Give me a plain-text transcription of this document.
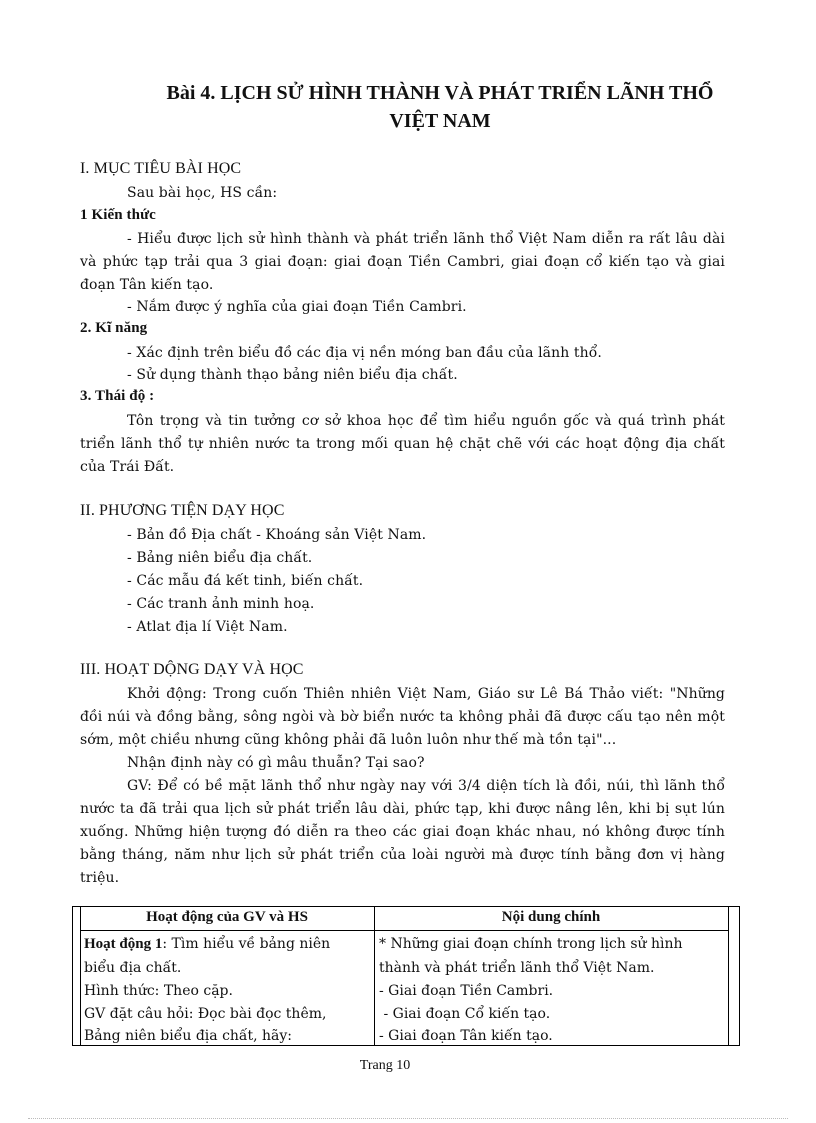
Bài 4. LỊCH SỬ HÌNH THÀNH VÀ PHÁT TRIỂN LÃNH THỔ
VIỆT NAM
I. MỤC TIÊU BÀI HỌC
Sau bài học, HS cần:
1 Kiến thức
- Hiểu được lịch sử hình thành và phát triển lãnh thổ Việt Nam diễn ra rất lâu dài
và phức tạp trải qua 3 giai đoạn: giai đoạn Tiền Cambri, giai đoạn cổ kiến tạo và giai
đoạn Tân kiến tạo.
- Nắm được ý nghĩa của giai đoạn Tiền Cambri.
2. Kĩ năng
- Xác định trên biểu đồ các địa vị nền móng ban đầu của lãnh thổ.
- Sử dụng thành thạo bảng niên biểu địa chất.
3. Thái độ :
Tôn trọng và tin tưởng cơ sở khoa học để tìm hiểu nguồn gốc và quá trình phát
triển lãnh thổ tự nhiên nước ta trong mối quan hệ chặt chẽ với các hoạt động địa chất
của Trái Đất.
II. PHƯƠNG TIỆN DẠY HỌC
- Bản đồ Địa chất - Khoáng sản Việt Nam.
- Bảng niên biểu địa chất.
- Các mẫu đá kết tinh, biến chất.
- Các tranh ảnh minh hoạ.
- Atlat địa lí Việt Nam.
III. HOẠT DỘNG DẠY VÀ HỌC
Khởi động: Trong cuốn Thiên nhiên Việt Nam, Giáo sư Lê Bá Thảo viết: "Những
đồi núi và đồng bằng, sông ngòi và bờ biển nước ta không phải đã được cấu tạo nên một
sớm, một chiều nhưng cũng không phải đã luôn luôn như thế mà tồn tại"...
Nhận định này có gì mâu thuẫn? Tại sao?
GV: Để có bề mặt lãnh thổ như ngày nay với 3/4 diện tích là đồi, núi, thì lãnh thổ
nước ta đã trải qua lịch sử phát triển lâu dài, phức tạp, khi được nâng lên, khi bị sụt lún
xuống. Những hiện tượng đó diễn ra theo các giai đoạn khác nhau, nó không được tính
bằng tháng, năm như lịch sử phát triển của loài người mà được tính bằng đơn vị hàng
triệu.
Hoạt động của GV và HS	Nội dung chính
Hoạt động 1: Tìm hiểu về bảng niên
biểu địa chất.
Hình thức: Theo cặp.
GV đặt câu hỏi: Đọc bài đọc thêm,
Bảng niên biểu địa chất, hãy:
* Những giai đoạn chính trong lịch sử hình
thành và phát triển lãnh thổ Việt Nam.
- Giai đoạn Tiền Cambri.
- Giai đoạn Cổ kiến tạo.
- Giai đoạn Tân kiến tạo.
Trang 10
